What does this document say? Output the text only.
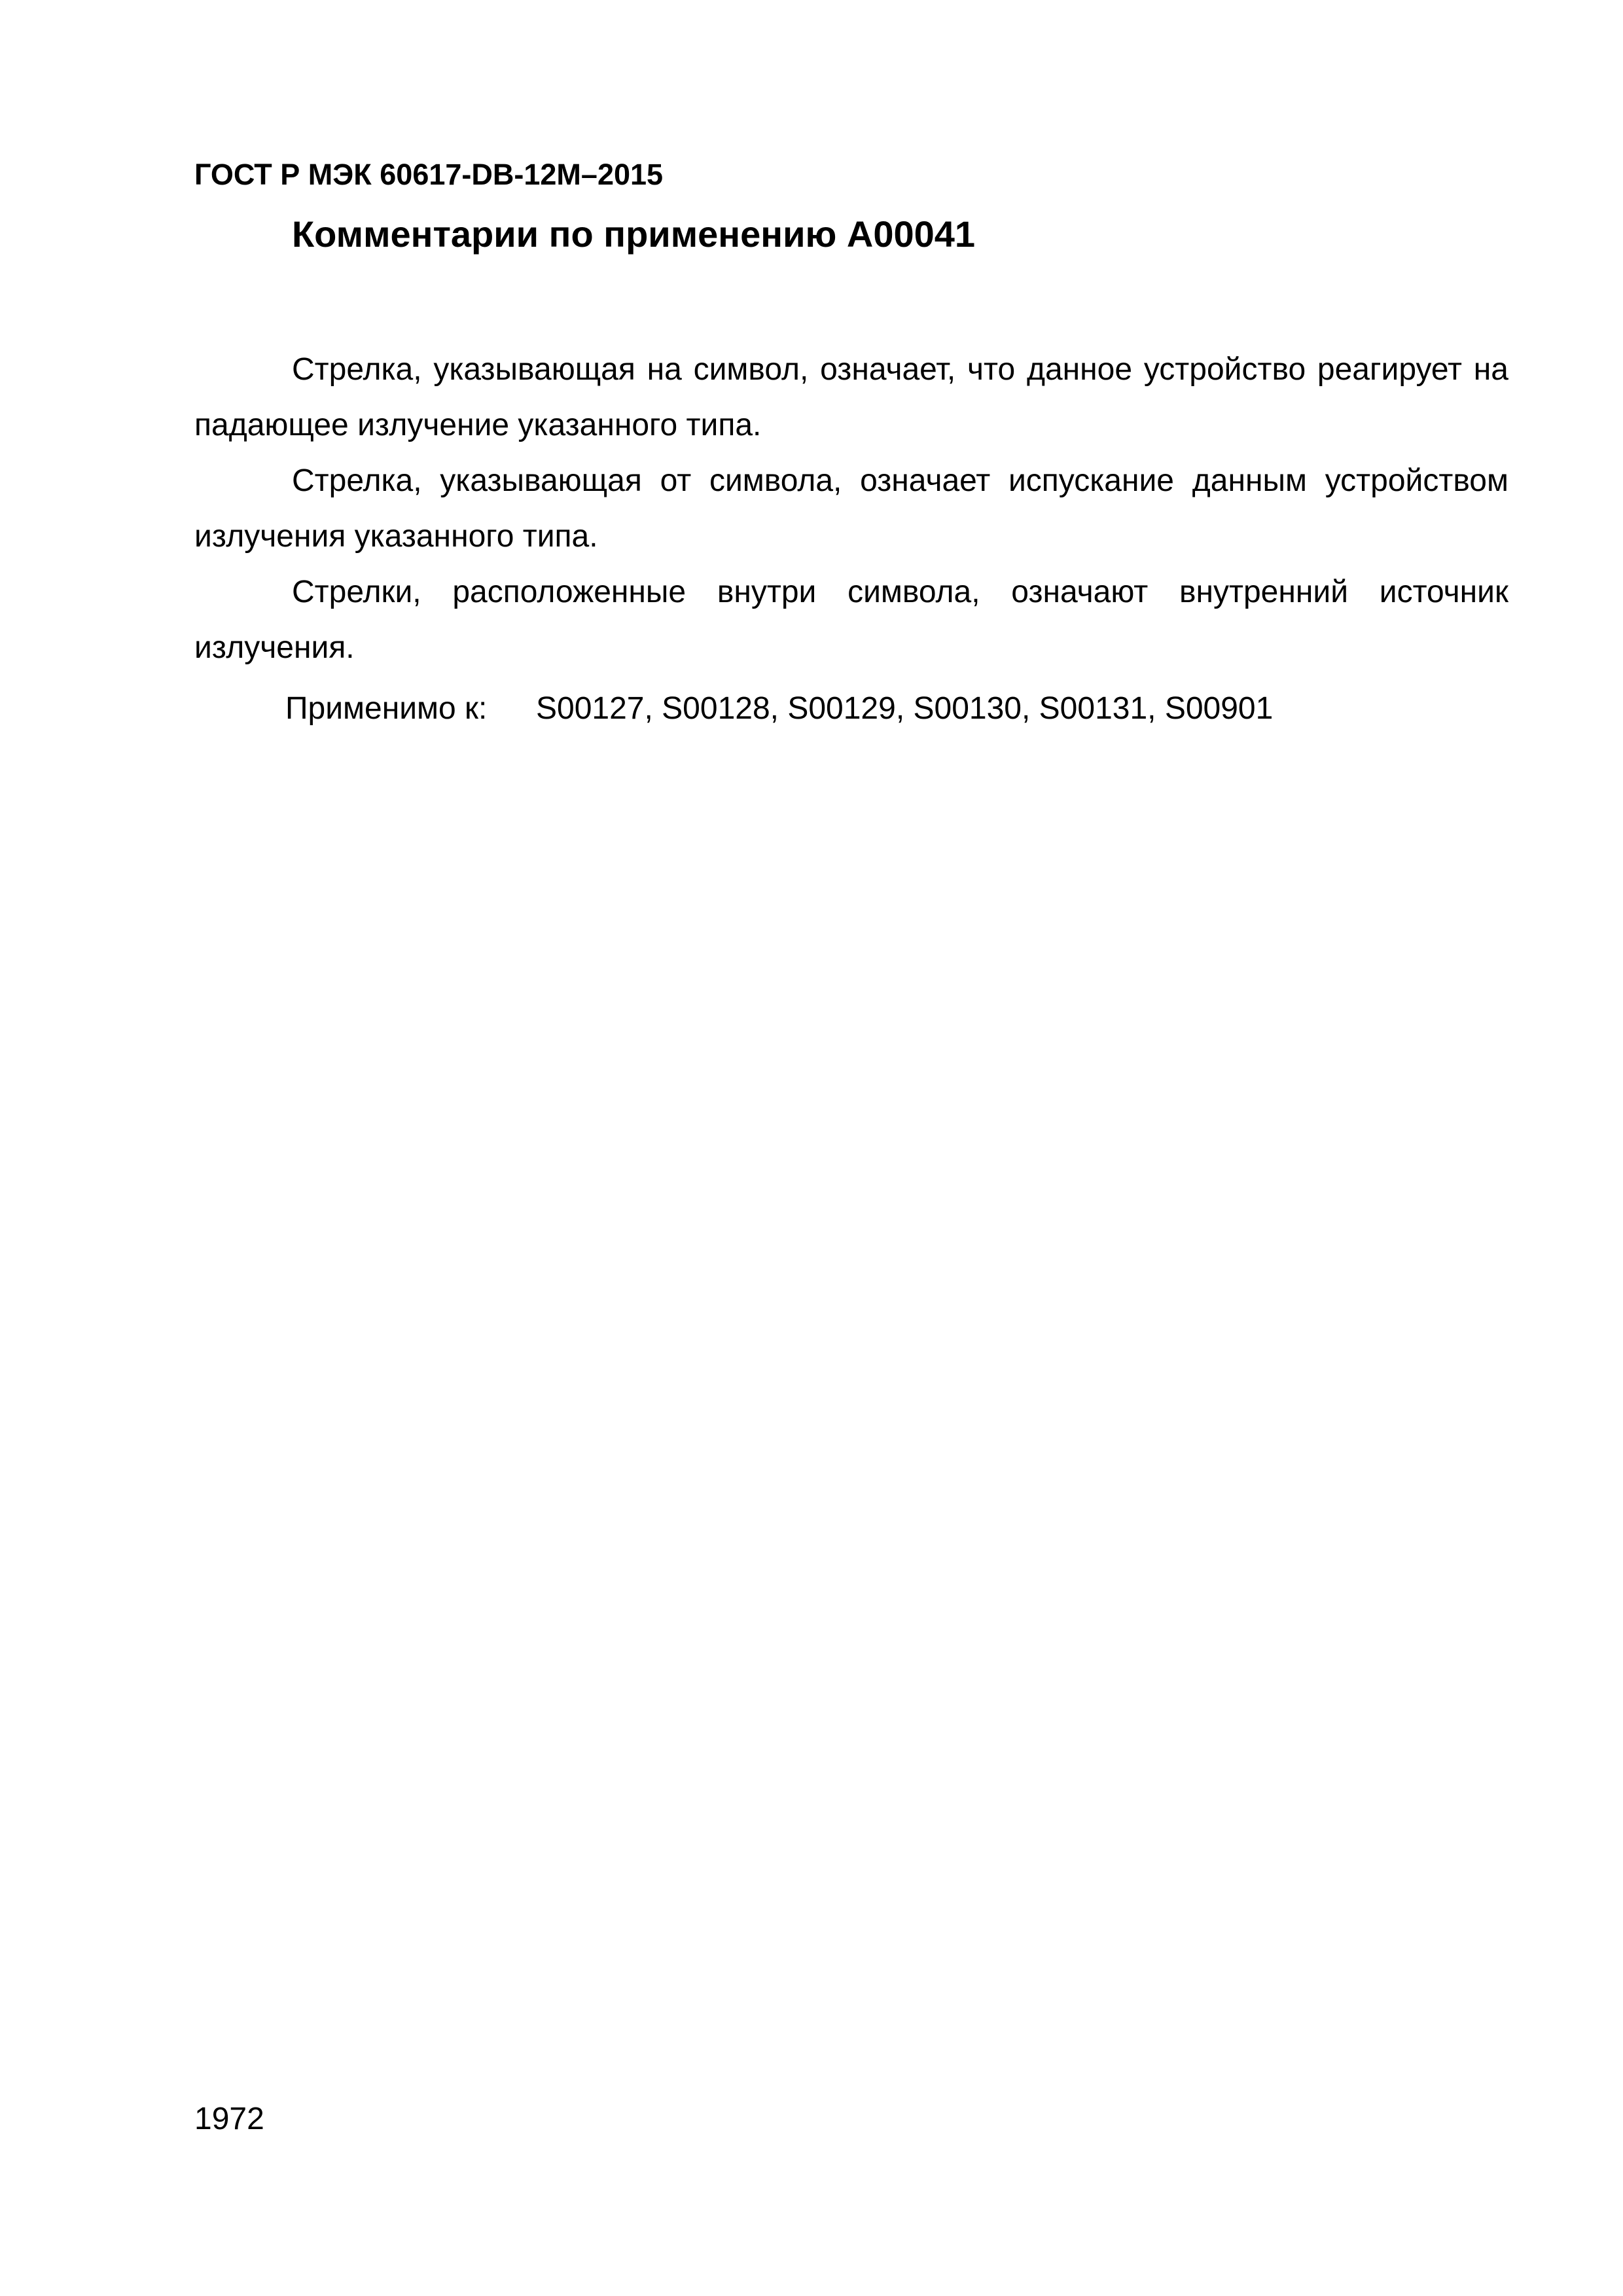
ГОСТ Р МЭК 60617-DB-12M–2015
Комментарии по применению A00041

Стрелка, указывающая на символ, означает, что данное устройство реагирует на падающее излучение указанного типа.

Стрелка, указывающая от символа, означает испускание данным устройством излучения указанного типа.

Стрелки, расположенные внутри символа, означают внутренний источник излучения.

Применимо к: S00127, S00128, S00129, S00130, S00131, S00901
1972
